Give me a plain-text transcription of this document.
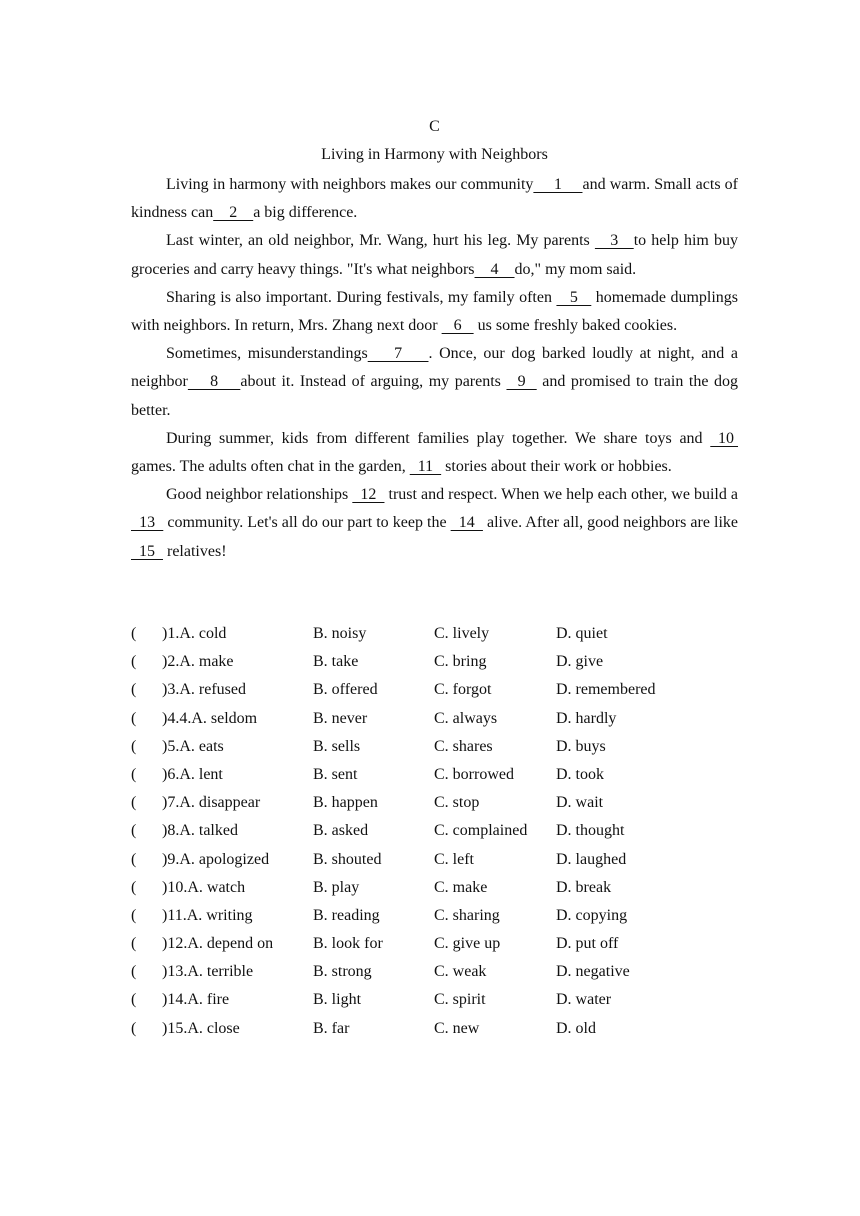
C
Living in Harmony with Neighbors

Living in harmony with neighbors makes our community     1     and warm. Small acts of kindness can    2    a big difference.

Last winter, an old neighbor, Mr. Wang, hurt his leg. My parents    3   to help him buy groceries and carry heavy things. "It's what neighbors    4    do," my mom said.

Sharing is also important. During festivals, my family often    5    homemade dumplings with neighbors. In return, Mrs. Zhang next door    6    us some freshly baked cookies.

Sometimes, misunderstandings    7    . Once, our dog barked loudly at night, and a neighbor    8    about it. Instead of arguing, my parents   9   and promised to train the dog better.

During summer, kids from different families play together. We share toys and  10  games. The adults often chat in the garden,   11   stories about their work or hobbies.

Good neighbor relationships   12   trust and respect. When we help each other, we build a   13   community. Let's all do our part to keep the   14   alive. After all, good neighbors are like   15   relatives!

( )1.A. cold	B. noisy	C. lively	D. quiet
( )2.A. make	B. take	C. bring	D. give
( )3.A. refused	B. offered	C. forgot	D. remembered
( )4.4.A. seldom	B. never	C. always	D. hardly
( )5.A. eats	B. sells	C. shares	D. buys
( )6.A. lent	B. sent	C. borrowed	D. took
( )7.A. disappear	B. happen	C. stop	D. wait
( )8.A. talked	B. asked	C. complained D. thought
( )9.A. apologized	B. shouted	C. left	D. laughed
( )10.A. watch	B. play	C. make	D. break
( )11.A. writing	B. reading	C. sharing	D. copying
( )12.A. depend on B. look for	C. give up	D. put off
( )13.A. terrible	B. strong	C. weak	D. negative
( )14.A. fire	B. light	C. spirit	D. water
( )15.A. close	B. far	C. new	D. old
